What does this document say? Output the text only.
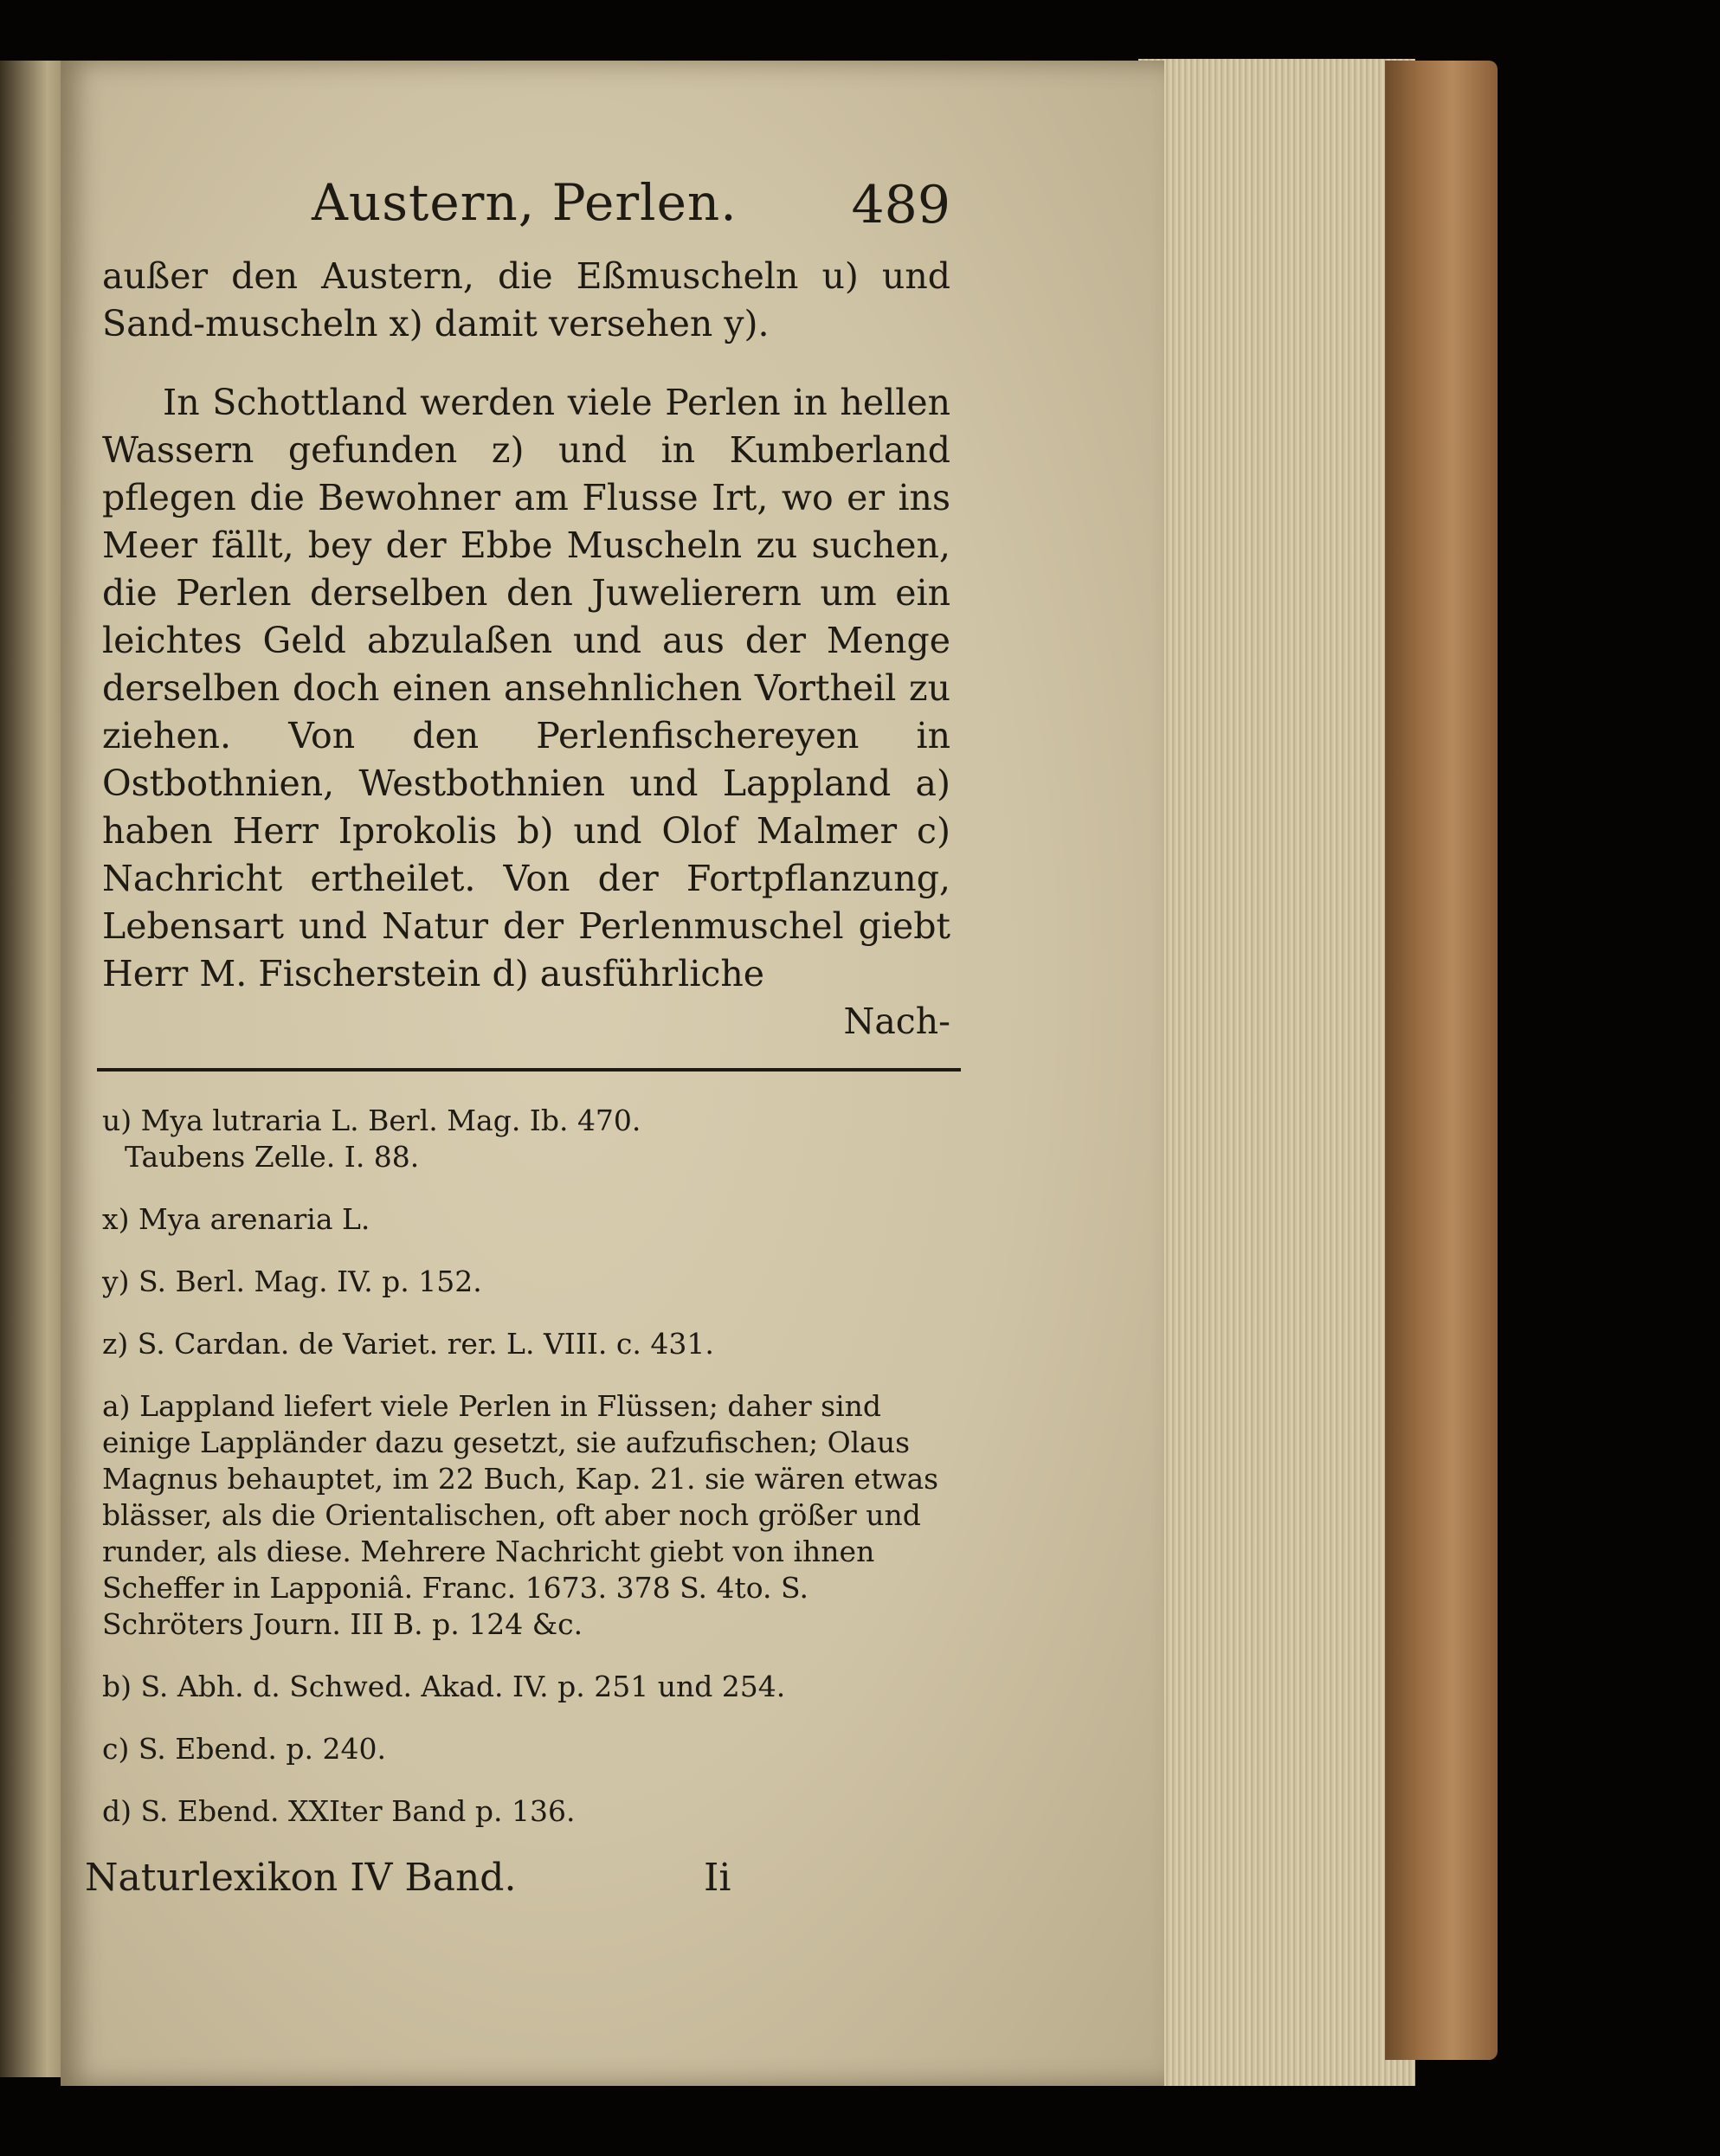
Austern, Perlen. 489

außer den Austern, die Eßmuscheln u) und Sand-muscheln x) damit versehen y).

In Schottland werden viele Perlen in hellen Wassern gefunden z) und in Kumberland pflegen die Bewohner am Flusse Irt, wo er ins Meer fällt, bey der Ebbe Muscheln zu suchen, die Perlen derselben den Juwelierern um ein leichtes Geld abzulaßen und aus der Menge derselben doch einen ansehnlichen Vortheil zu ziehen. Von den Perlenfischereyen in Ostbothnien, Westbothnien und Lappland a) haben Herr Iprokolis b) und Olof Malmer c) Nachricht ertheilet. Von der Fortpflanzung, Lebensart und Natur der Perlenmuschel giebt Herr M. Fischerstein d) ausführliche

Nach-
u) Mya lutraria L. Berl. Mag. Ib. 470.
Taubens Zelle. I. 88.
x) Mya arenaria L.
y) S. Berl. Mag. IV. p. 152.
z) S. Cardan. de Variet. rer. L. VIII. c. 431.
a) Lappland liefert viele Perlen in Flüssen; daher sind einige Lappländer dazu gesetzt, sie aufzufischen; Olaus Magnus behauptet, im 22 Buch, Kap. 21. sie wären etwas blässer, als die Orientalischen, oft aber noch größer und runder, als diese. Mehrere Nachricht giebt von ihnen Scheffer in Lapponiâ. Franc. 1673. 378 S. 4to. S. Schröters Journ. III B. p. 124 &c.
b) S. Abh. d. Schwed. Akad. IV. p. 251 und 254.
c) S. Ebend. p. 240.
d) S. Ebend. XXIter Band p. 136.
Naturlexikon IV Band.	Ii
